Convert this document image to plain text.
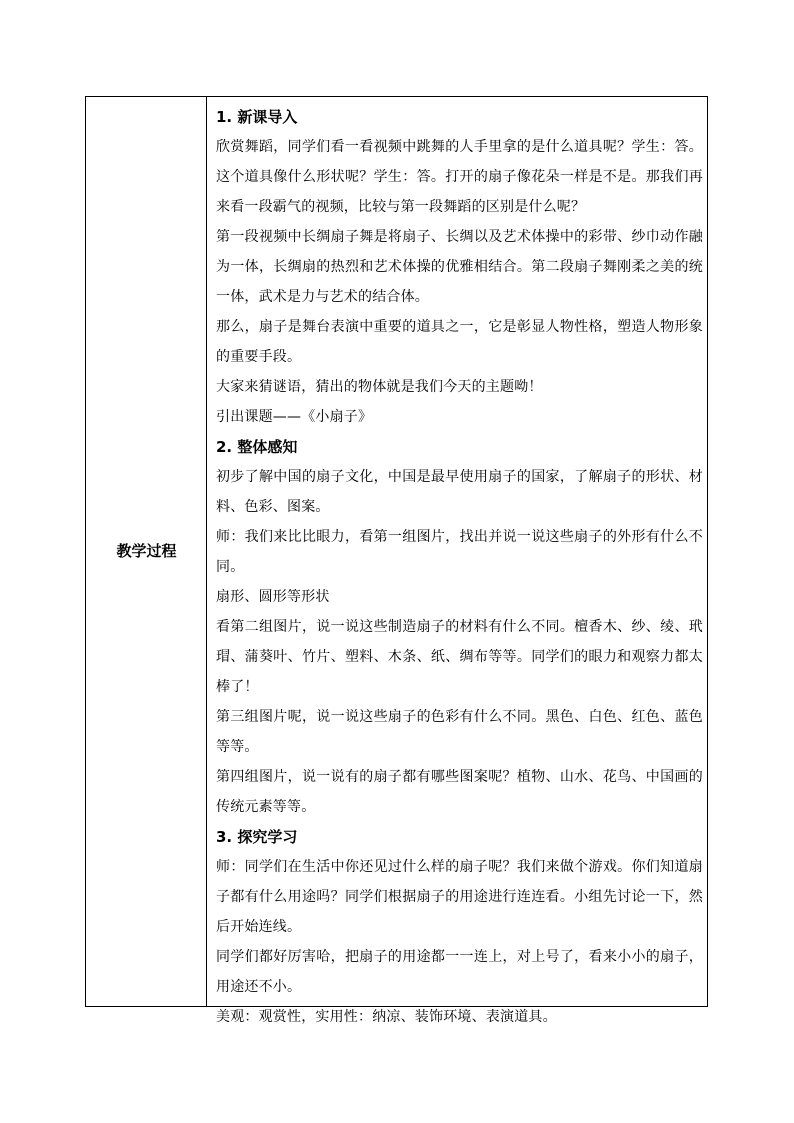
教学过程

1. 新课导入

欣赏舞蹈，同学们看一看视频中跳舞的人手里拿的是什么道具呢？学生：答。这个道具像什么形状呢？学生：答。打开的扇子像花朵一样是不是。那我们再来看一段霸气的视频，比较与第一段舞蹈的区别是什么呢？

第一段视频中长绸扇子舞是将扇子、长绸以及艺术体操中的彩带、纱巾动作融为一体，长绸扇的热烈和艺术体操的优雅相结合。第二段扇子舞刚柔之美的统一体，武术是力与艺术的结合体。

那么，扇子是舞台表演中重要的道具之一，它是彰显人物性格，塑造人物形象的重要手段。

大家来猜谜语，猜出的物体就是我们今天的主题呦！

引出课题——《小扇子》

2. 整体感知

初步了解中国的扇子文化，中国是最早使用扇子的国家，了解扇子的形状、材料、色彩、图案。

师：我们来比比眼力，看第一组图片，找出并说一说这些扇子的外形有什么不同。

扇形、圆形等形状

看第二组图片，说一说这些制造扇子的材料有什么不同。檀香木、纱、绫、玳瑁、蒲葵叶、竹片、塑料、木条、纸、绸布等等。同学们的眼力和观察力都太棒了！

第三组图片呢，说一说这些扇子的色彩有什么不同。黑色、白色、红色、蓝色等等。

第四组图片，说一说有的扇子都有哪些图案呢？植物、山水、花鸟、中国画的传统元素等等。

3. 探究学习

师：同学们在生活中你还见过什么样的扇子呢？我们来做个游戏。你们知道扇子都有什么用途吗？同学们根据扇子的用途进行连连看。小组先讨论一下，然后开始连线。

同学们都好厉害哈，把扇子的用途都一一连上，对上号了，看来小小的扇子，用途还不小。

美观：观赏性，实用性：纳凉、装饰环境、表演道具。
